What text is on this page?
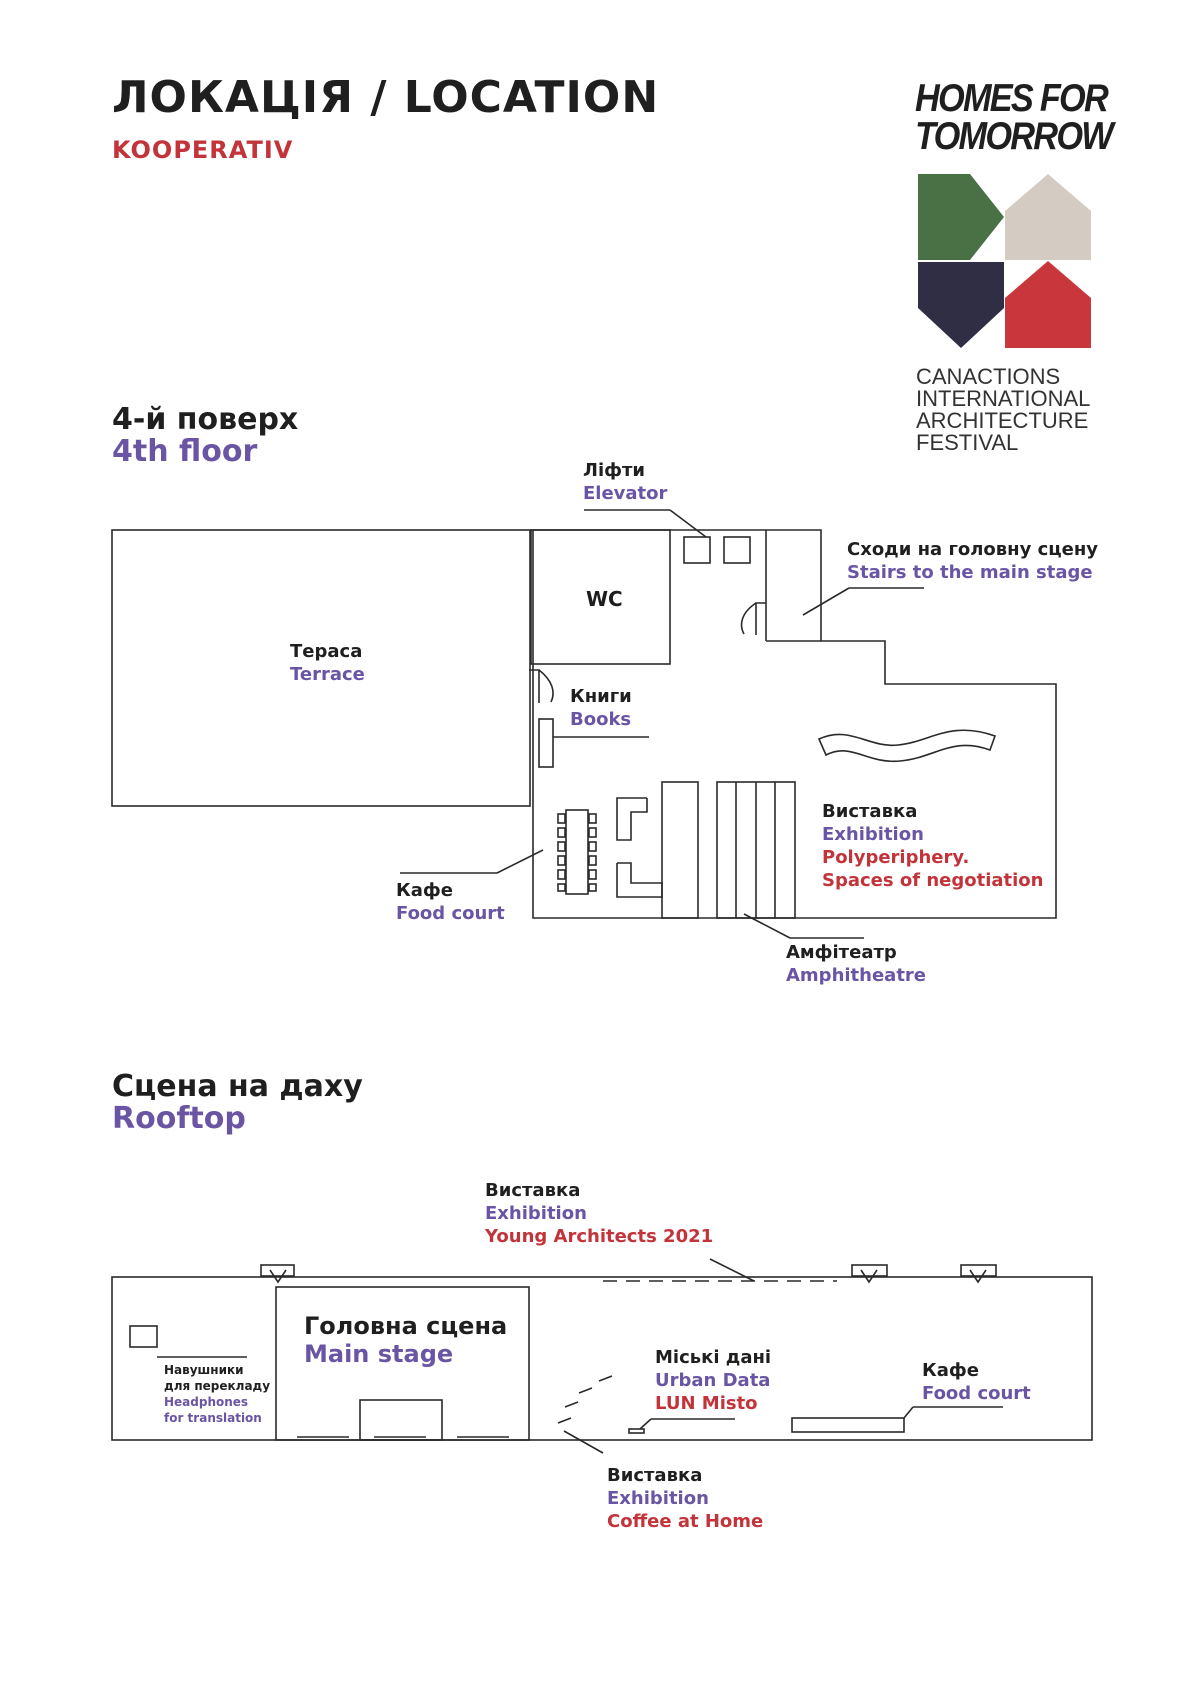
ЛОКАЦІЯ / LOCATION
KOOPERATIV
HOMES FOR
TOMORROW
CANACTIONS
INTERNATIONAL
ARCHITECTURE
FESTIVAL
4-й поверх
4th floor
Сцена на даху
Rooftop
Ліфти
Elevator
Сходи на головну сцену
Stairs to the main stage
WC
Тераса
Terrace
Книги
Books
Виставка
Exhibition
Polyperiphery.
Spaces of negotiation
Кафе
Food court
Амфітеатр
Amphitheatre
Виставка
Exhibition
Young Architects 2021
Головна сцена
Main stage
Навушники
для перекладу
Headphones
for translation
Міські дані
Urban Data
LUN Misto
Кафе
Food court
Виставка
Exhibition
Coffee at Home
